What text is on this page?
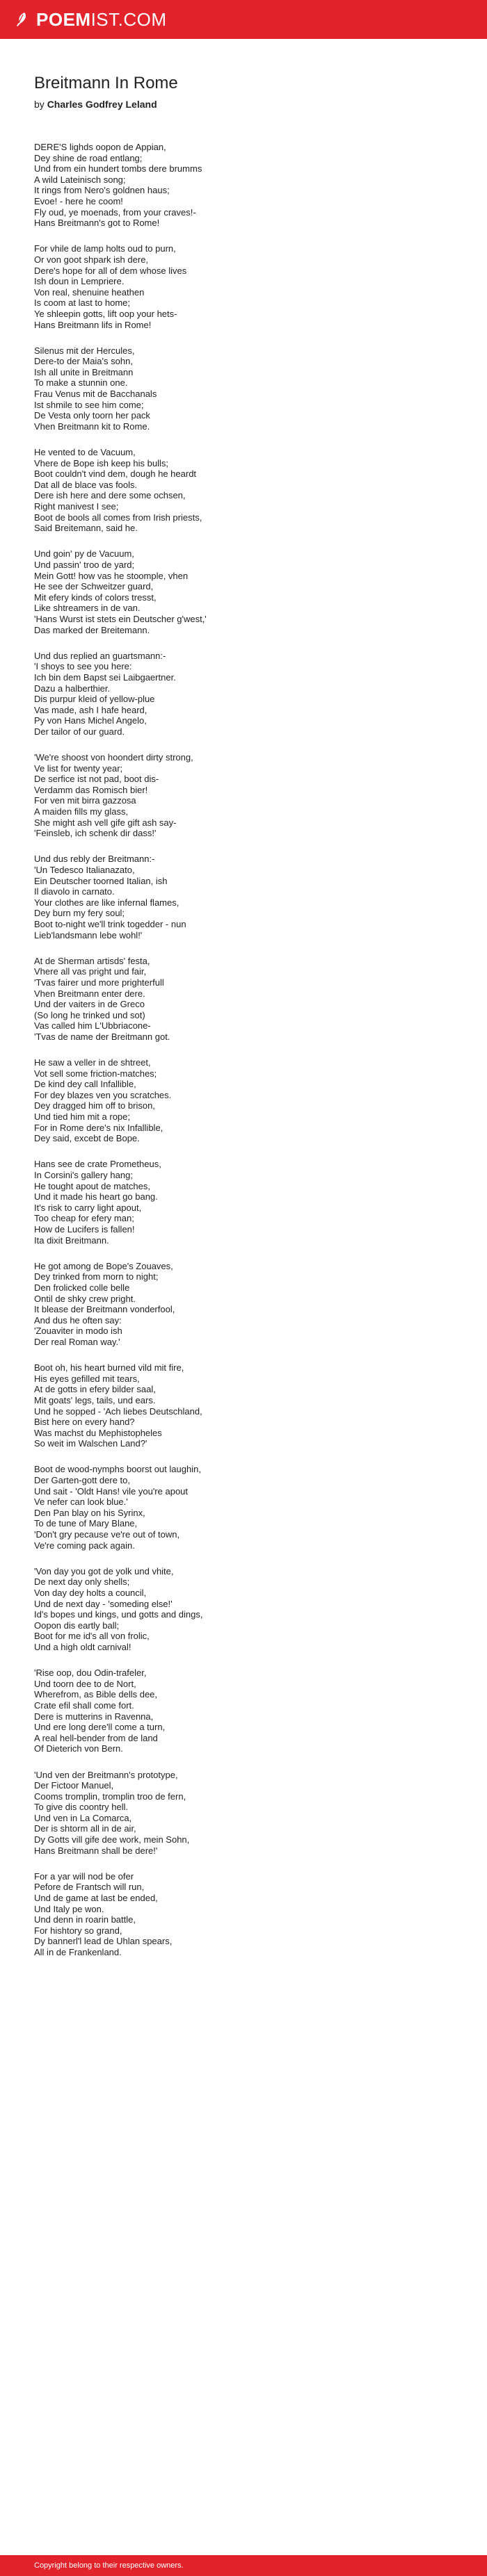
POEMIST.COM
Breitmann In Rome
by Charles Godfrey Leland
DERE'S lighds oopon de Appian,
Dey shine de road entlang;
Und from ein hundert tombs dere brumms
A wild Lateinisch song;
It rings from Nero's goldnen haus;
Evoe! - here he coom!
Fly oud, ye moenads, from your craves!-
Hans Breitmann's got to Rome!
For vhile de lamp holts oud to purn,
Or von goot shpark ish dere,
Dere's hope for all of dem whose lives
Ish doun in Lempriere.
Von real, shenuine heathen
Is coom at last to home;
Ye shleepin gotts, lift oop your hets-
Hans Breitmann lifs in Rome!
Silenus mit der Hercules,
Dere-to der Maia's sohn,
Ish all unite in Breitmann
To make a stunnin one.
Frau Venus mit de Bacchanals
Ist shmile to see him come;
De Vesta only toorn her pack
Vhen Breitmann kit to Rome.
He vented to de Vacuum,
Vhere de Bope ish keep his bulls;
Boot couldn't vind dem, dough he heardt
Dat all de blace vas fools.
Dere ish here and dere some ochsen,
Right manivest I see;
Boot de bools all comes from Irish priests,
Said Breitemann, said he.
Und goin' py de Vacuum,
Und passin' troo de yard;
Mein Gott! how vas he stoomple, vhen
He see der Schweitzer guard,
Mit efery kinds of colors tresst,
Like shtreamers in de van.
'Hans Wurst ist stets ein Deutscher g'west,'
Das marked der Breitemann.
Und dus replied an guartsmann:-
'I shoys to see you here:
Ich bin dem Bapst sei Laibgaertner.
Dazu a halberthier.
Dis purpur kleid of yellow-plue
Vas made, ash I hafe heard,
Py von Hans Michel Angelo,
Der tailor of our guard.
'We're shoost von hoondert dirty strong,
Ve list for twenty year;
De serfice ist not pad, boot dis-
Verdamm das Romisch bier!
For ven mit birra gazzosa
A maiden fills my glass,
She might ash vell gife gift ash say-
'Feinsleb, ich schenk dir dass!'
Und dus rebly der Breitmann:-
'Un Tedesco Italianazato,
Ein Deutscher toorned Italian, ish
Il diavolo in carnato.
Your clothes are like infernal flames,
Dey burn my fery soul;
Boot to-night we'll trink togedder - nun
Lieb'landsmann lebe wohl!'
At de Sherman artisds' festa,
Vhere all vas pright und fair,
'Tvas fairer und more prighterfull
Vhen Breitmann enter dere.
Und der vaiters in de Greco
(So long he trinked und sot)
Vas called him L'Ubbriacone-
'Tvas de name der Breitmann got.
He saw a veller in de shtreet,
Vot sell some friction-matches;
De kind dey call Infallible,
For dey blazes ven you scratches.
Dey dragged him off to brison,
Und tied him mit a rope;
For in Rome dere's nix Infallible,
Dey said, excebt de Bope.
Hans see de crate Prometheus,
In Corsini's gallery hang;
He tought apout de matches,
Und it made his heart go bang.
It's risk to carry light apout,
Too cheap for efery man;
How de Lucifers is fallen!
Ita dixit Breitmann.
He got among de Bope's Zouaves,
Dey trinked from morn to night;
Den frolicked colle belle
Ontil de shky crew pright.
It blease der Breitmann vonderfool,
And dus he often say:
'Zouaviter in modo ish
Der real Roman way.'
Boot oh, his heart burned vild mit fire,
His eyes gefilled mit tears,
At de gotts in efery bilder saal,
Mit goats' legs, tails, und ears.
Und he sopped - 'Ach liebes Deutschland,
Bist here on every hand?
Was machst du Mephistopheles
So weit im Walschen Land?'
Boot de wood-nymphs boorst out laughin,
Der Garten-gott dere to,
Und sait - 'Oldt Hans! vile you're apout
Ve nefer can look blue.'
Den Pan blay on his Syrinx,
To de tune of Mary Blane,
'Don't gry pecause ve're out of town,
Ve're coming pack again.
'Von day you got de yolk und vhite,
De next day only shells;
Von day dey holts a council,
Und de next day - 'someding else!'
Id's bopes und kings, und gotts and dings,
Oopon dis eartly ball;
Boot for me id's all von frolic,
Und a high oldt carnival!
'Rise oop, dou Odin-trafeler,
Und toorn dee to de Nort,
Wherefrom, as Bible dells dee,
Crate efil shall come fort.
Dere is mutterins in Ravenna,
Und ere long dere'll come a turn,
A real hell-bender from de land
Of Dieterich von Bern.
'Und ven der Breitmann's prototype,
Der Fictoor Manuel,
Cooms tromplin, tromplin troo de fern,
To give dis coontry hell.
Und ven in La Comarca,
Der is shtorm all in de air,
Dy Gotts vill gife dee work, mein Sohn,
Hans Breitmann shall be dere!'
For a yar will nod be ofer
Pefore de Frantsch will run,
Und de game at last be ended,
Und Italy pe won.
Und denn in roarin battle,
For hishtory so grand,
Dy bannerl'l lead de Uhlan spears,
All in de Frankenland.
Copyright belong to their respective owners.
